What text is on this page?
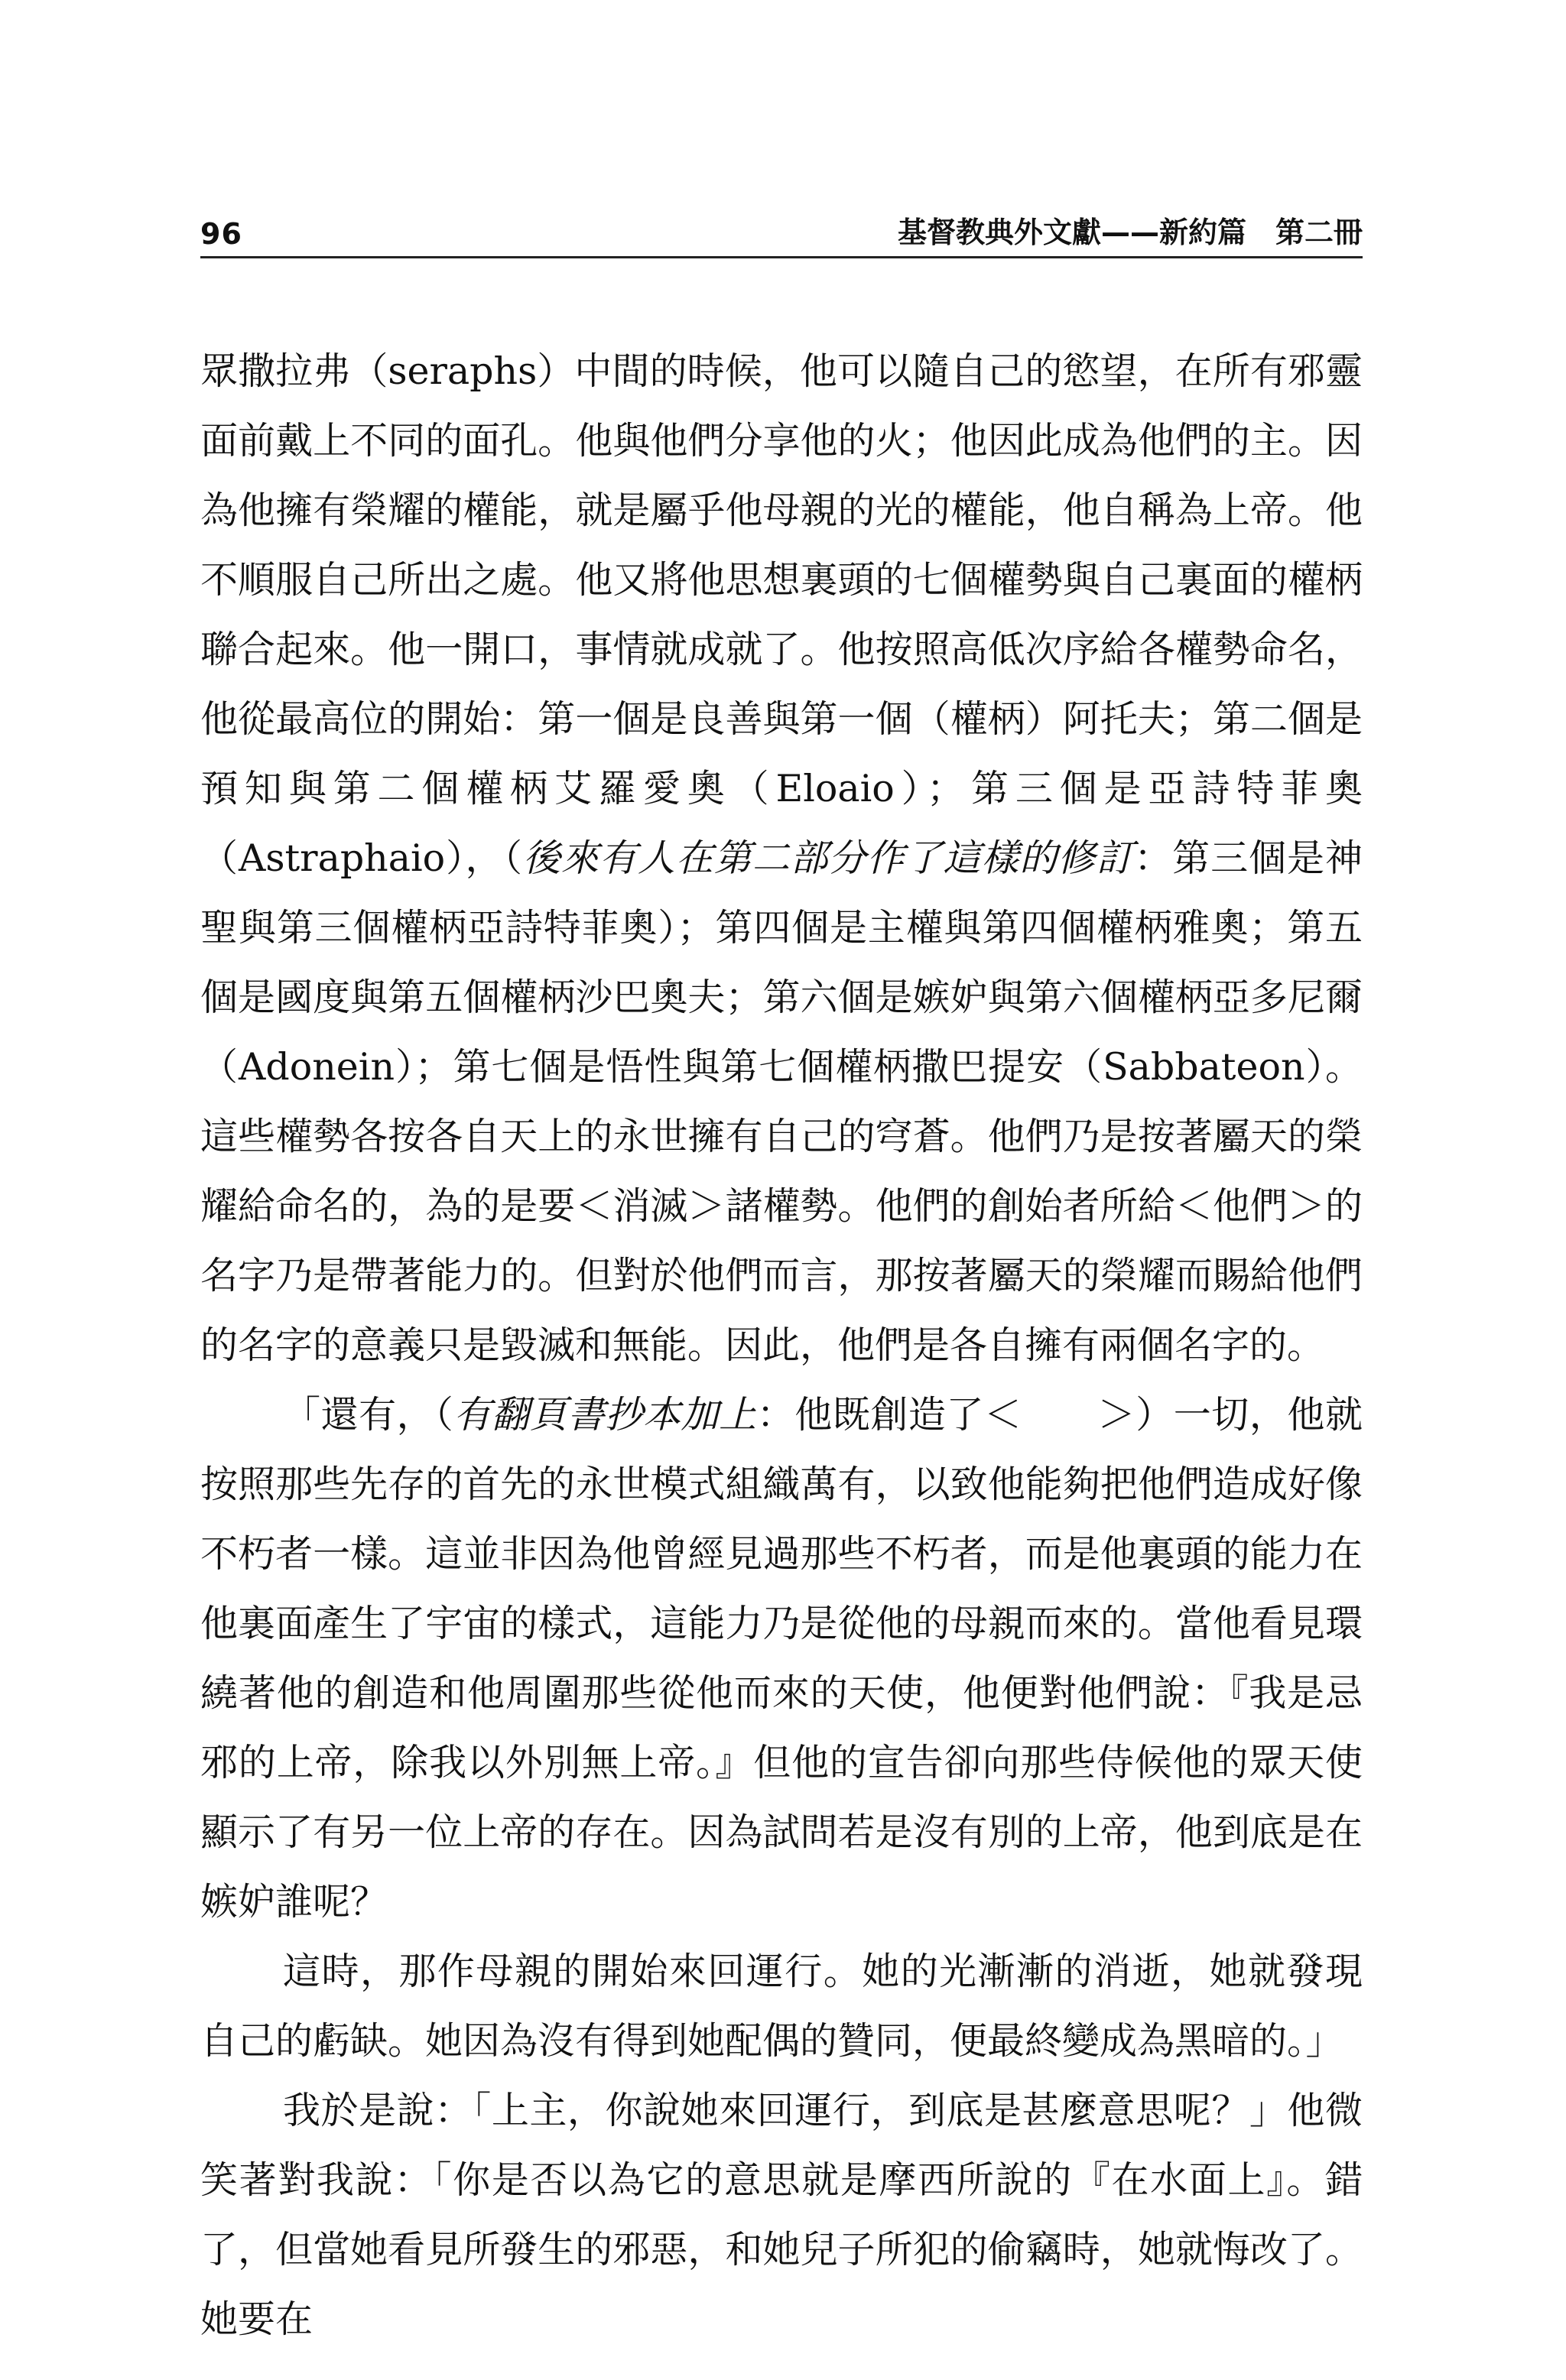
96	基督教典外文獻——新約篇　第二冊

眾撒拉弗（seraphs）中間的時候，他可以隨自己的慾望，在所有邪靈面前戴上不同的面孔。他與他們分享他的火；他因此成為他們的主。因為他擁有榮耀的權能，就是屬乎他母親的光的權能，他自稱為上帝。他不順服自己所出之處。他又將他思想裏頭的七個權勢與自己裏面的權柄聯合起來。他一開口，事情就成就了。他按照高低次序給各權勢命名，他從最高位的開始：第一個是良善與第一個（權柄）阿托夫；第二個是預知與第二個權柄艾羅愛奧（Eloaio）；第三個是亞詩特菲奧（Astraphaio），（後來有人在第二部分作了這樣的修訂：第三個是神聖與第三個權柄亞詩特菲奧）；第四個是主權與第四個權柄雅奧；第五個是國度與第五個權柄沙巴奧夫；第六個是嫉妒與第六個權柄亞多尼爾（Adonein）；第七個是悟性與第七個權柄撒巴提安（Sabbateon）。這些權勢各按各自天上的永世擁有自己的穹蒼。他們乃是按著屬天的榮耀給命名的，為的是要＜消滅＞諸權勢。他們的創始者所給＜他們＞的名字乃是帶著能力的。但對於他們而言，那按著屬天的榮耀而賜給他們的名字的意義只是毀滅和無能。因此，他們是各自擁有兩個名字的。

「還有，（有翻頁書抄本加上：他既創造了＜　　＞）一切，他就按照那些先存的首先的永世模式組織萬有，以致他能夠把他們造成好像不朽者一樣。這並非因為他曾經見過那些不朽者，而是他裏頭的能力在他裏面產生了宇宙的樣式，這能力乃是從他的母親而來的。當他看見環繞著他的創造和他周圍那些從他而來的天使，他便對他們說：『我是忌邪的上帝，除我以外別無上帝。』但他的宣告卻向那些侍候他的眾天使顯示了有另一位上帝的存在。因為試問若是沒有別的上帝，他到底是在嫉妒誰呢？

這時，那作母親的開始來回運行。她的光漸漸的消逝，她就發現自己的虧缺。她因為沒有得到她配偶的贊同，便最終變成為黑暗的。」

我於是說：「上主，你說她來回運行，到底是甚麼意思呢？」他微笑著對我說：「你是否以為它的意思就是摩西所說的『在水面上』。錯了，但當她看見所發生的邪惡，和她兒子所犯的偷竊時，她就悔改了。她要在
